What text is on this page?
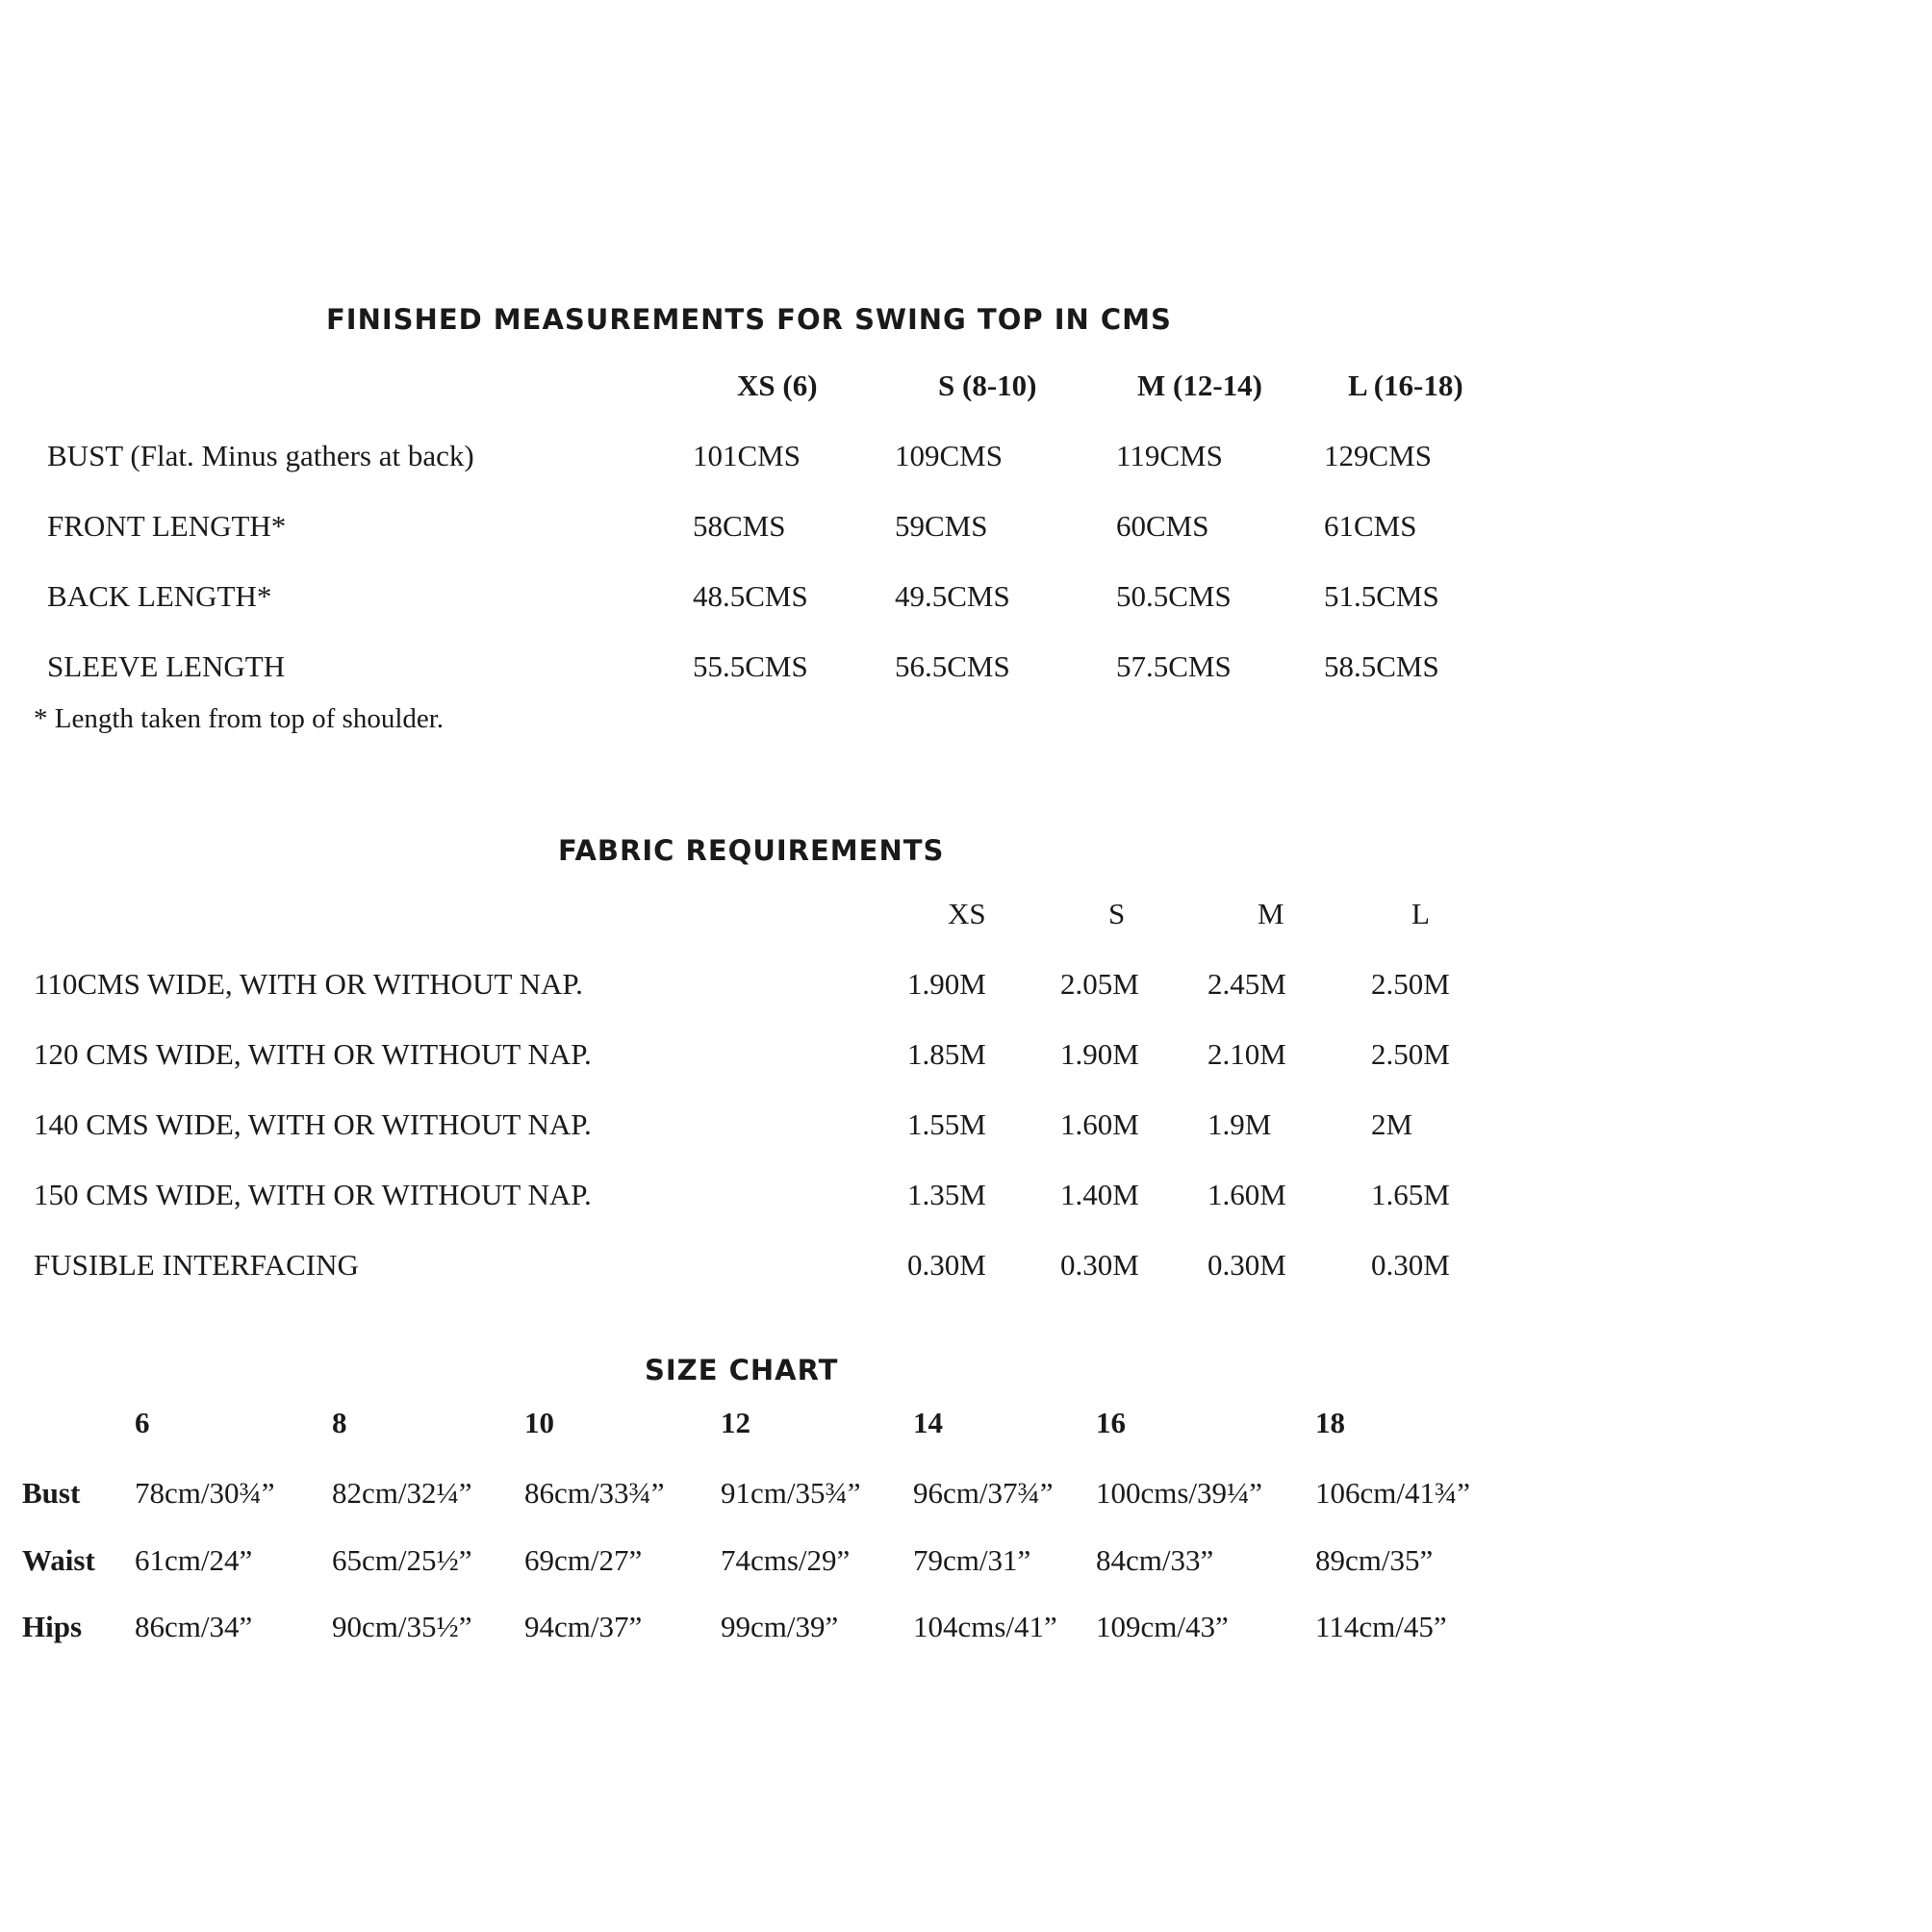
FINISHED MEASUREMENTS FOR SWING TOP IN CMS
XS (6)	S (8-10)	M (12-14)	L (16-18)
BUST (Flat. Minus gathers at back)	101CMS	109CMS	119CMS	129CMS
FRONT LENGTH*	58CMS	59CMS	60CMS	61CMS
BACK LENGTH*	48.5CMS	49.5CMS	50.5CMS	51.5CMS
SLEEVE LENGTH	55.5CMS	56.5CMS	57.5CMS	58.5CMS
* Length taken from top of shoulder.
FABRIC REQUIREMENTS
XS	S	M	L
110CMS WIDE, WITH OR WITHOUT NAP.	1.90M 2.05M 2.45M	2.50M
120 CMS WIDE, WITH OR WITHOUT NAP.	1.85M 1.90M 2.10M	2.50M
140 CMS WIDE, WITH OR WITHOUT NAP.	1.55M 1.60M 1.9M	2M
150 CMS WIDE, WITH OR WITHOUT NAP.	1.35M 1.40M 1.60M	1.65M
FUSIBLE INTERFACING	0.30M 0.30M 0.30M	0.30M
SIZE CHART
6	8	10	12	14	16	18
Bust 78cm/30¾” 82cm/32¼” 86cm/33¾” 91cm/35¾” 96cm/37¾” 100cms/39¼” 106cm/41¾”
Waist 61cm/24”	65cm/25½” 69cm/27”	74cms/29” 79cm/31” 84cm/33”	89cm/35”
Hips 86cm/34”	90cm/35½” 94cm/37”	99cm/39”	104cms/41” 109cm/43”	114cm/45”
